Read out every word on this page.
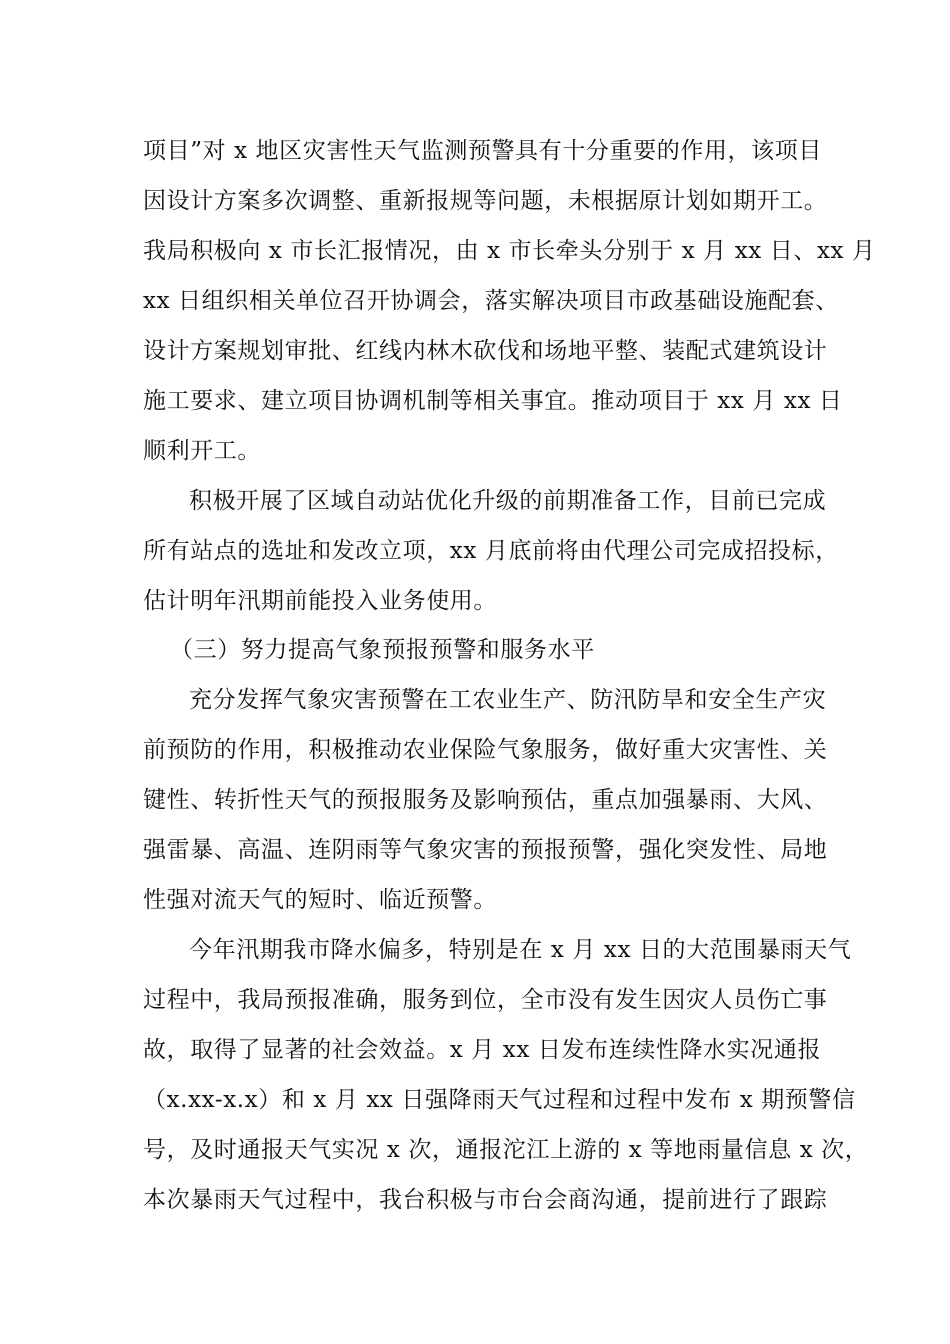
项目”对 x 地区灾害性天气监测预警具有十分重要的作用，该项目

因设计方案多次调整、重新报规等问题，未根据原计划如期开工。

我局积极向 x 市长汇报情况，由 x 市长牵头分别于 x 月 xx 日、xx 月

xx 日组织相关单位召开协调会，落实解决项目市政基础设施配套、

设计方案规划审批、红线内林木砍伐和场地平整、装配式建筑设计

施工要求、建立项目协调机制等相关事宜。推动项目于 xx 月 xx 日

顺利开工。

积极开展了区域自动站优化升级的前期准备工作，目前已完成

所有站点的选址和发改立项，xx 月底前将由代理公司完成招投标，

估计明年汛期前能投入业务使用。

（三）努力提高气象预报预警和服务水平

充分发挥气象灾害预警在工农业生产、防汛防旱和安全生产灾

前预防的作用，积极推动农业保险气象服务，做好重大灾害性、关

键性、转折性天气的预报服务及影响预估，重点加强暴雨、大风、

强雷暴、高温、连阴雨等气象灾害的预报预警，强化突发性、局地

性强对流天气的短时、临近预警。

今年汛期我市降水偏多，特别是在 x 月 xx 日的大范围暴雨天气

过程中，我局预报准确，服务到位，全市没有发生因灾人员伤亡事

故，取得了显著的社会效益。x 月 xx 日发布连续性降水实况通报

（x.xx-x.x）和 x 月 xx 日强降雨天气过程和过程中发布 x 期预警信

号，及时通报天气实况 x 次，通报沱江上游的 x 等地雨量信息 x 次，

本次暴雨天气过程中，我台积极与市台会商沟通，提前进行了跟踪
